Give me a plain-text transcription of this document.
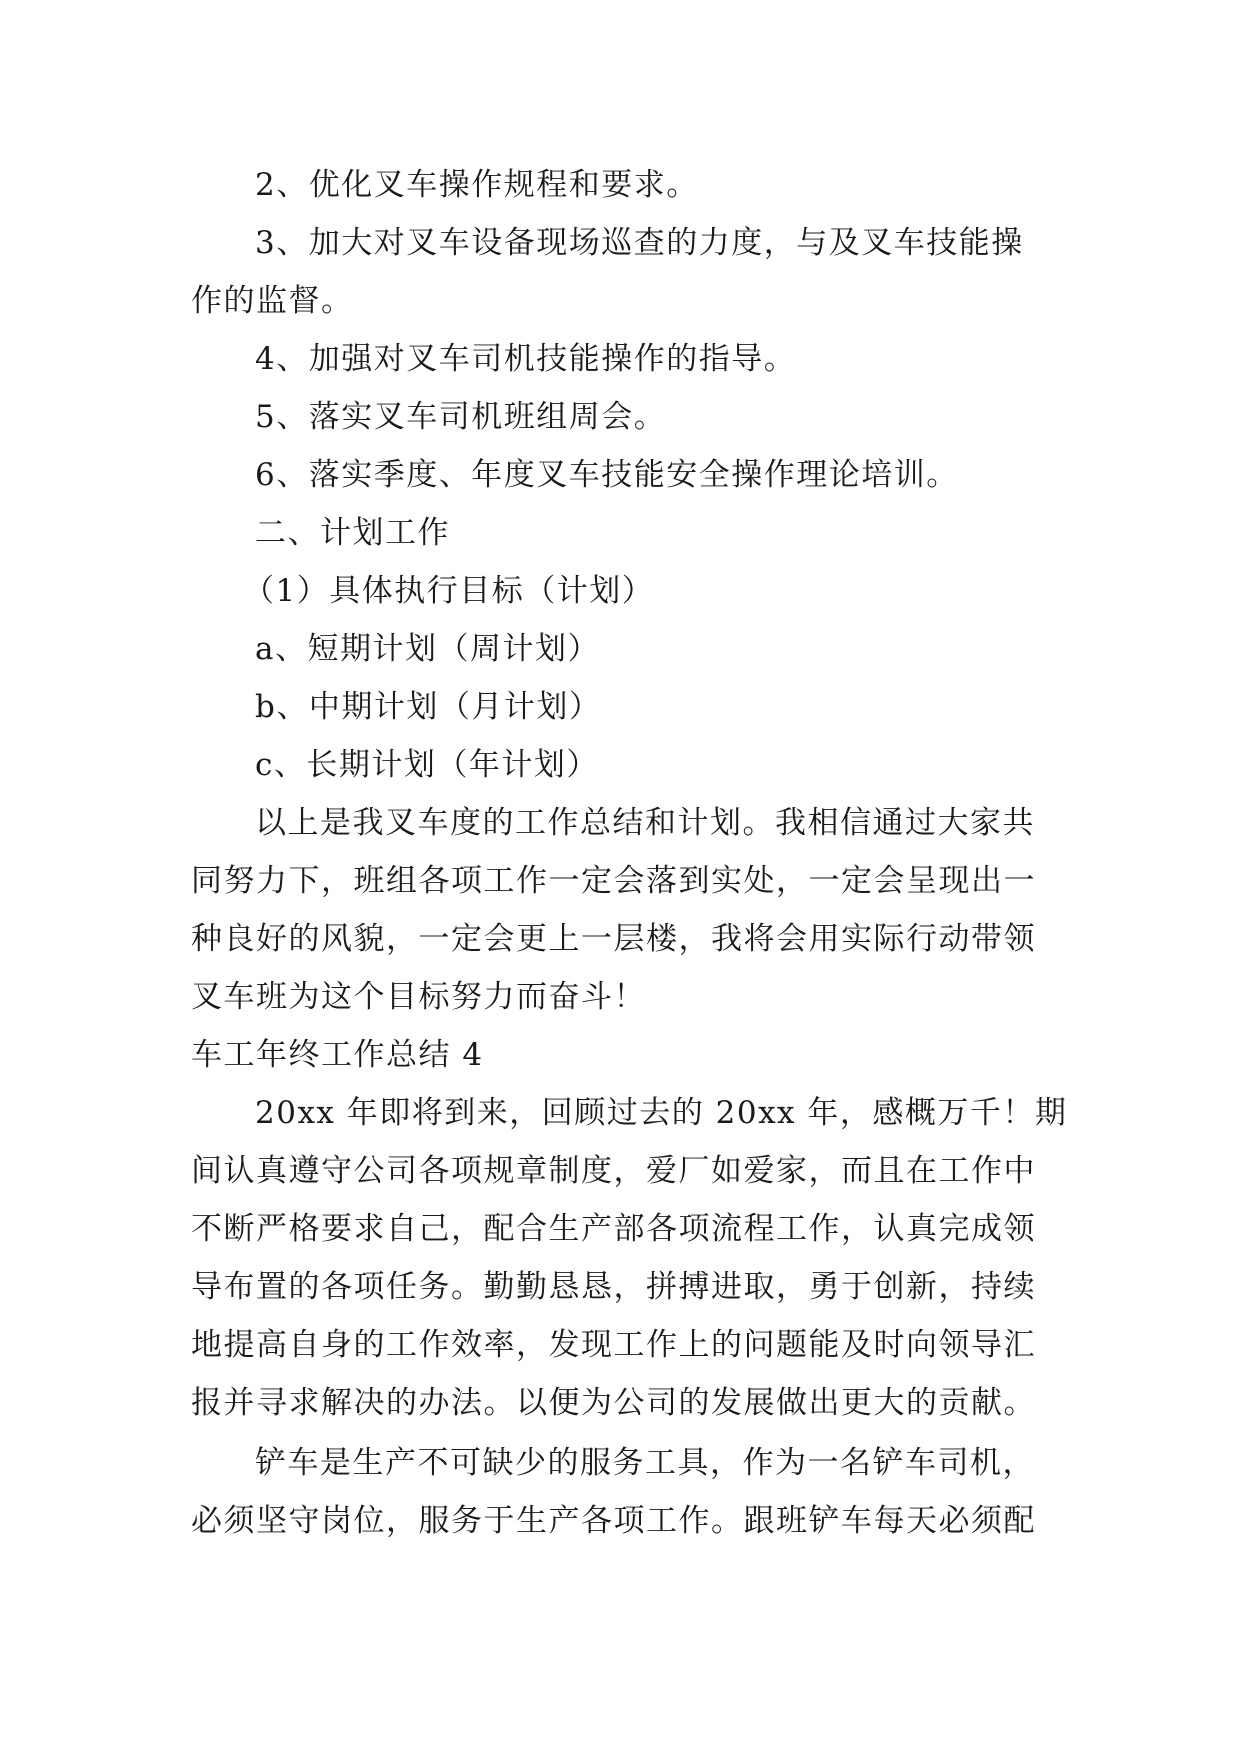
2、优化叉车操作规程和要求。
3、加大对叉车设备现场巡查的力度，与及叉车技能操
作的监督。
4、加强对叉车司机技能操作的指导。
5、落实叉车司机班组周会。
6、落实季度、年度叉车技能安全操作理论培训。
二、计划工作
（1）具体执行目标（计划）
a、短期计划（周计划）
b、中期计划（月计划）
c、长期计划（年计划）
以上是我叉车度的工作总结和计划。我相信通过大家共
同努力下，班组各项工作一定会落到实处，一定会呈现出一
种良好的风貌，一定会更上一层楼，我将会用实际行动带领
叉车班为这个目标努力而奋斗！
车工年终工作总结 4
20xx 年即将到来，回顾过去的 20xx 年，感概万千！期
间认真遵守公司各项规章制度，爱厂如爱家，而且在工作中
不断严格要求自己，配合生产部各项流程工作，认真完成领
导布置的各项任务。勤勤恳恳，拼搏进取，勇于创新，持续
地提高自身的工作效率，发现工作上的问题能及时向领导汇
报并寻求解决的办法。以便为公司的发展做出更大的贡献。
铲车是生产不可缺少的服务工具，作为一名铲车司机，
必须坚守岗位，服务于生产各项工作。跟班铲车每天必须配
